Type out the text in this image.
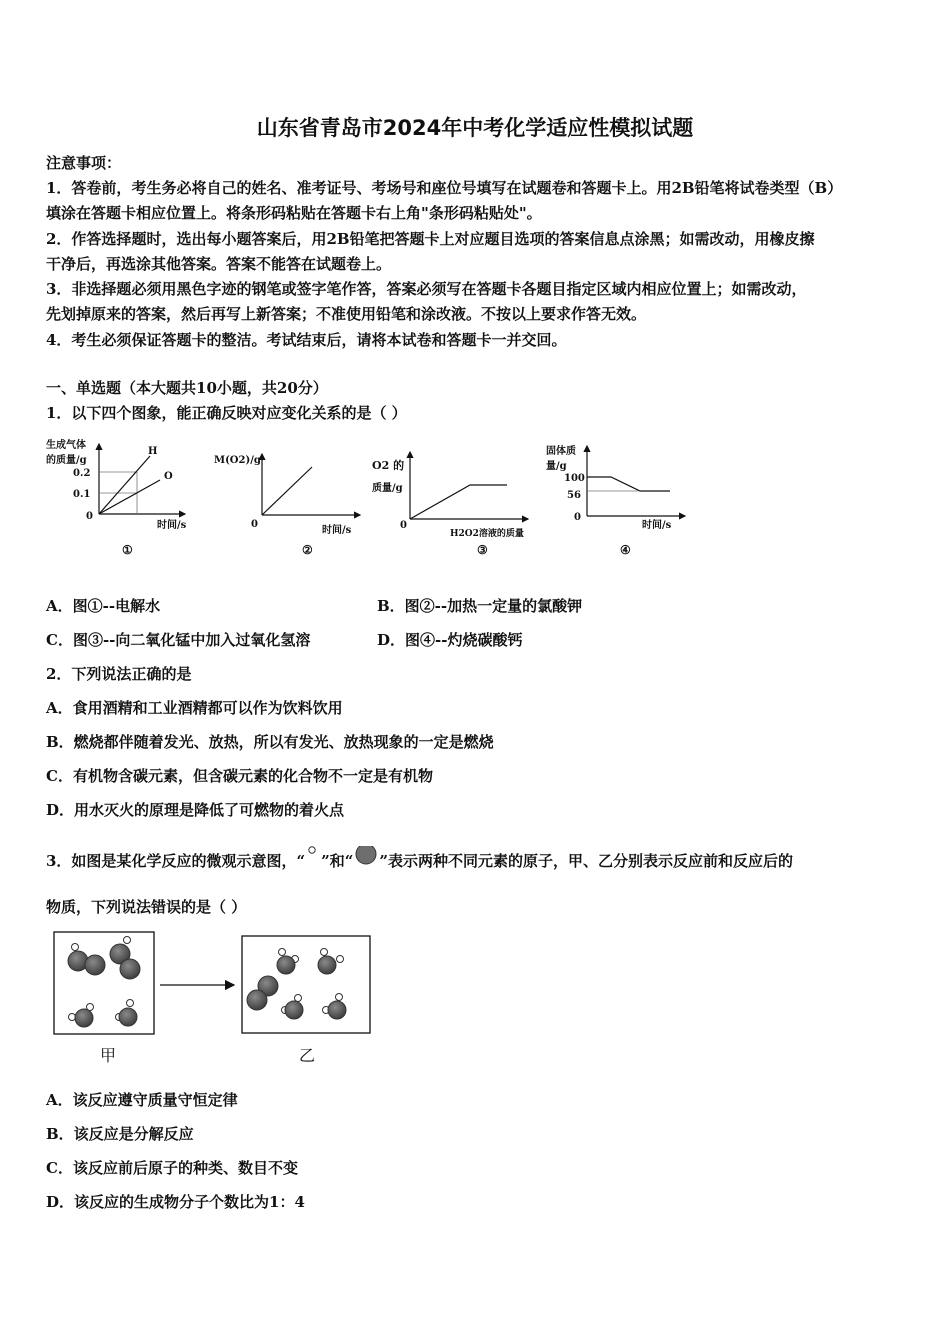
山东省青岛市2024年中考化学适应性模拟试题
注意事项：
1．答卷前，考生务必将自己的姓名、准考证号、考场号和座位号填写在试题卷和答题卡上。用2B铅笔将试卷类型（B）
填涂在答题卡相应位置上。将条形码粘贴在答题卡右上角"条形码粘贴处"。
2．作答选择题时，选出每小题答案后，用2B铅笔把答题卡上对应题目选项的答案信息点涂黑；如需改动，用橡皮擦
干净后，再选涂其他答案。答案不能答在试题卷上。
3．非选择题必须用黑色字迹的钢笔或签字笔作答，答案必须写在答题卡各题目指定区域内相应位置上；如需改动，
先划掉原来的答案，然后再写上新答案；不准使用铅笔和涂改液。不按以上要求作答无效。
4．考生必须保证答题卡的整洁。考试结束后，请将本试卷和答题卡一并交回。
一、单选题（本大题共10小题，共20分）
1．以下四个图象，能正确反映对应变化关系的是（ ）
生成气体
的质量/g
H
O
0.2
0.1
0
时间/s
①
M(O2)/g
0
时间/s
②
O2 的
质量/g
0
H2O2溶液的质量
③
固体质
量/g
100
56
0
时间/s
④
A．图①--电解水	B．图②--加热一定量的氯酸钾
C．图③--向二氧化锰中加入过氧化氢溶	D．图④--灼烧碳酸钙
2．下列说法正确的是
A．食用酒精和工业酒精都可以作为饮料饮用
B．燃烧都伴随着发光、放热，所以有发光、放热现象的一定是燃烧
C．有机物含碳元素，但含碳元素的化合物不一定是有机物
D．用水灭火的原理是降低了可燃物的着火点
3．如图是某化学反应的微观示意图，“ ”和“ ”表示两种不同元素的原子，甲、乙分别表示反应前和反应后的
物质，下列说法错误的是（ ）
甲	乙
A．该反应遵守质量守恒定律
B．该反应是分解反应
C．该反应前后原子的种类、数目不变
D．该反应的生成物分子个数比为1：4
